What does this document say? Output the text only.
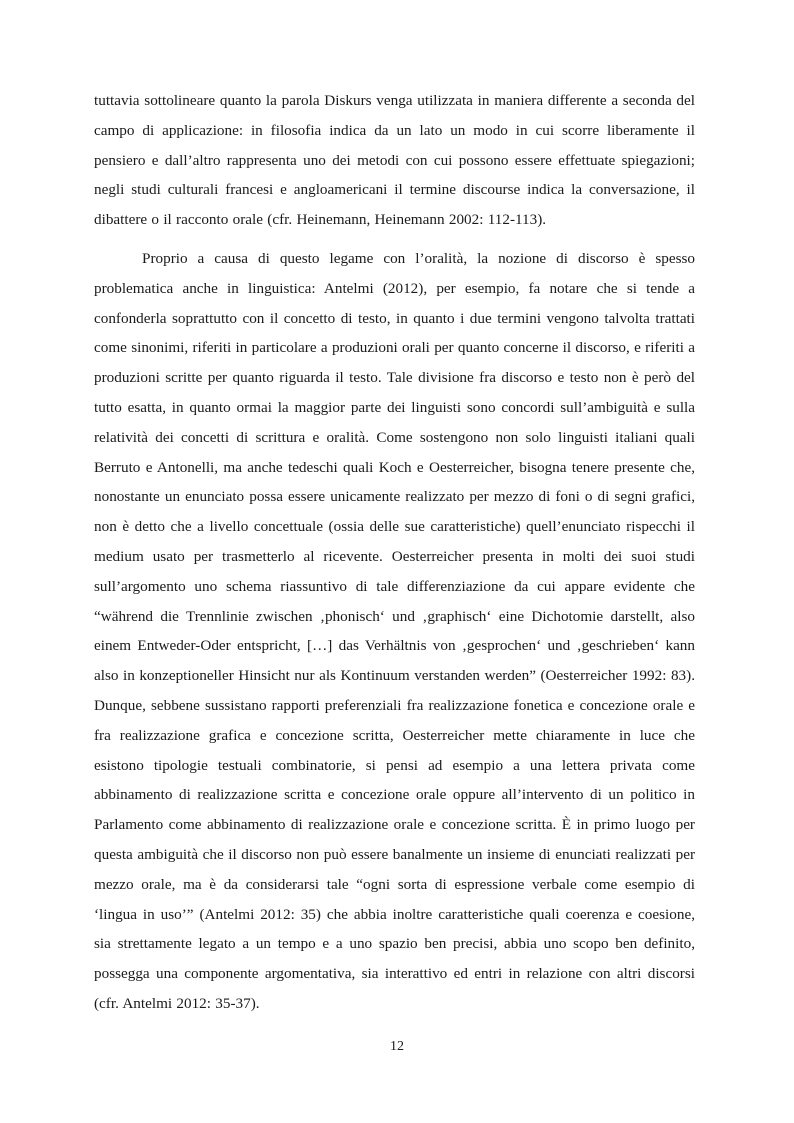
tuttavia sottolineare quanto la parola Diskurs venga utilizzata in maniera differente a seconda del campo di applicazione: in filosofia indica da un lato un modo in cui scorre liberamente il pensiero e dall’altro rappresenta uno dei metodi con cui possono essere effettuate spiegazioni; negli studi culturali francesi e angloamericani il termine discourse indica la conversazione, il dibattere o il racconto orale (cfr. Heinemann, Heinemann 2002: 112-113).

Proprio a causa di questo legame con l’oralità, la nozione di discorso è spesso problematica anche in linguistica: Antelmi (2012), per esempio, fa notare che si tende a confonderla soprattutto con il concetto di testo, in quanto i due termini vengono talvolta trattati come sinonimi, riferiti in particolare a produzioni orali per quanto concerne il discorso, e riferiti a produzioni scritte per quanto riguarda il testo. Tale divisione fra discorso e testo non è però del tutto esatta, in quanto ormai la maggior parte dei linguisti sono concordi sull’ambiguità e sulla relatività dei concetti di scrittura e oralità. Come sostengono non solo linguisti italiani quali Berruto e Antonelli, ma anche tedeschi quali Koch e Oesterreicher, bisogna tenere presente che, nonostante un enunciato possa essere unicamente realizzato per mezzo di foni o di segni grafici, non è detto che a livello concettuale (ossia delle sue caratteristiche) quell’enunciato rispecchi il medium usato per trasmetterlo al ricevente. Oesterreicher presenta in molti dei suoi studi sull’argomento uno schema riassuntivo di tale differenziazione da cui appare evidente che “während die Trennlinie zwischen ‚phonisch‘ und ‚graphisch‘ eine Dichotomie darstellt, also einem Entweder-Oder entspricht, […] das Verhältnis von ‚gesprochen‘ und ‚geschrieben‘ kann also in konzeptioneller Hinsicht nur als Kontinuum verstanden werden” (Oesterreicher 1992: 83). Dunque, sebbene sussistano rapporti preferenziali fra realizzazione fonetica e concezione orale e fra realizzazione grafica e concezione scritta, Oesterreicher mette chiaramente in luce che esistono tipologie testuali combinatorie, si pensi ad esempio a una lettera privata come abbinamento di realizzazione scritta e concezione orale oppure all’intervento di un politico in Parlamento come abbinamento di realizzazione orale e concezione scritta. È in primo luogo per questa ambiguità che il discorso non può essere banalmente un insieme di enunciati realizzati per mezzo orale, ma è da considerarsi tale “ogni sorta di espressione verbale come esempio di ‘lingua in uso’” (Antelmi 2012: 35) che abbia inoltre caratteristiche quali coerenza e coesione, sia strettamente legato a un tempo e a uno spazio ben precisi, abbia uno scopo ben definito, possegga una componente argomentativa, sia interattivo ed entri in relazione con altri discorsi (cfr. Antelmi 2012: 35-37).

12
